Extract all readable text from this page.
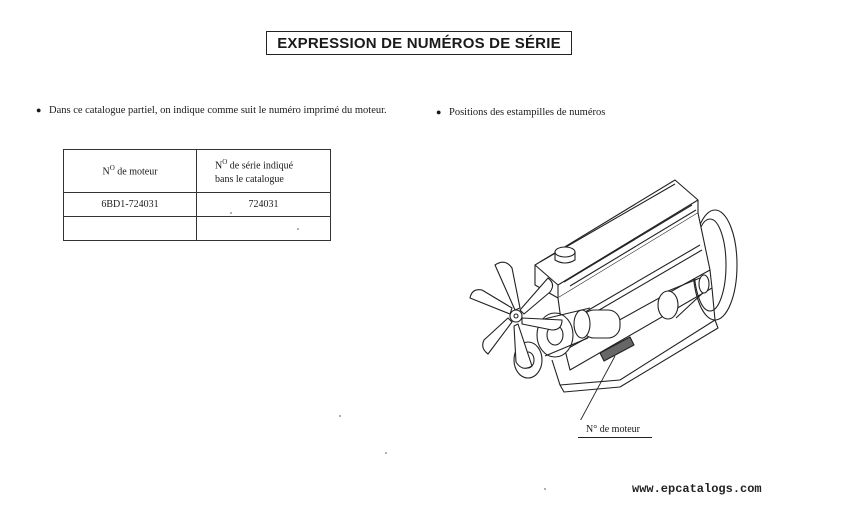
EXPRESSION DE NUMÉROS DE SÉRIE
● Dans ce catalogue partiel, on indique comme suit le numéro imprimé du moteur.	● Positions des estampilles de numéros
$N^O$ de moteur	$N^O$ de série indiqué
bans le catalogue
6BD1-724031	724031

N° de moteur
www.epcatalogs.com
